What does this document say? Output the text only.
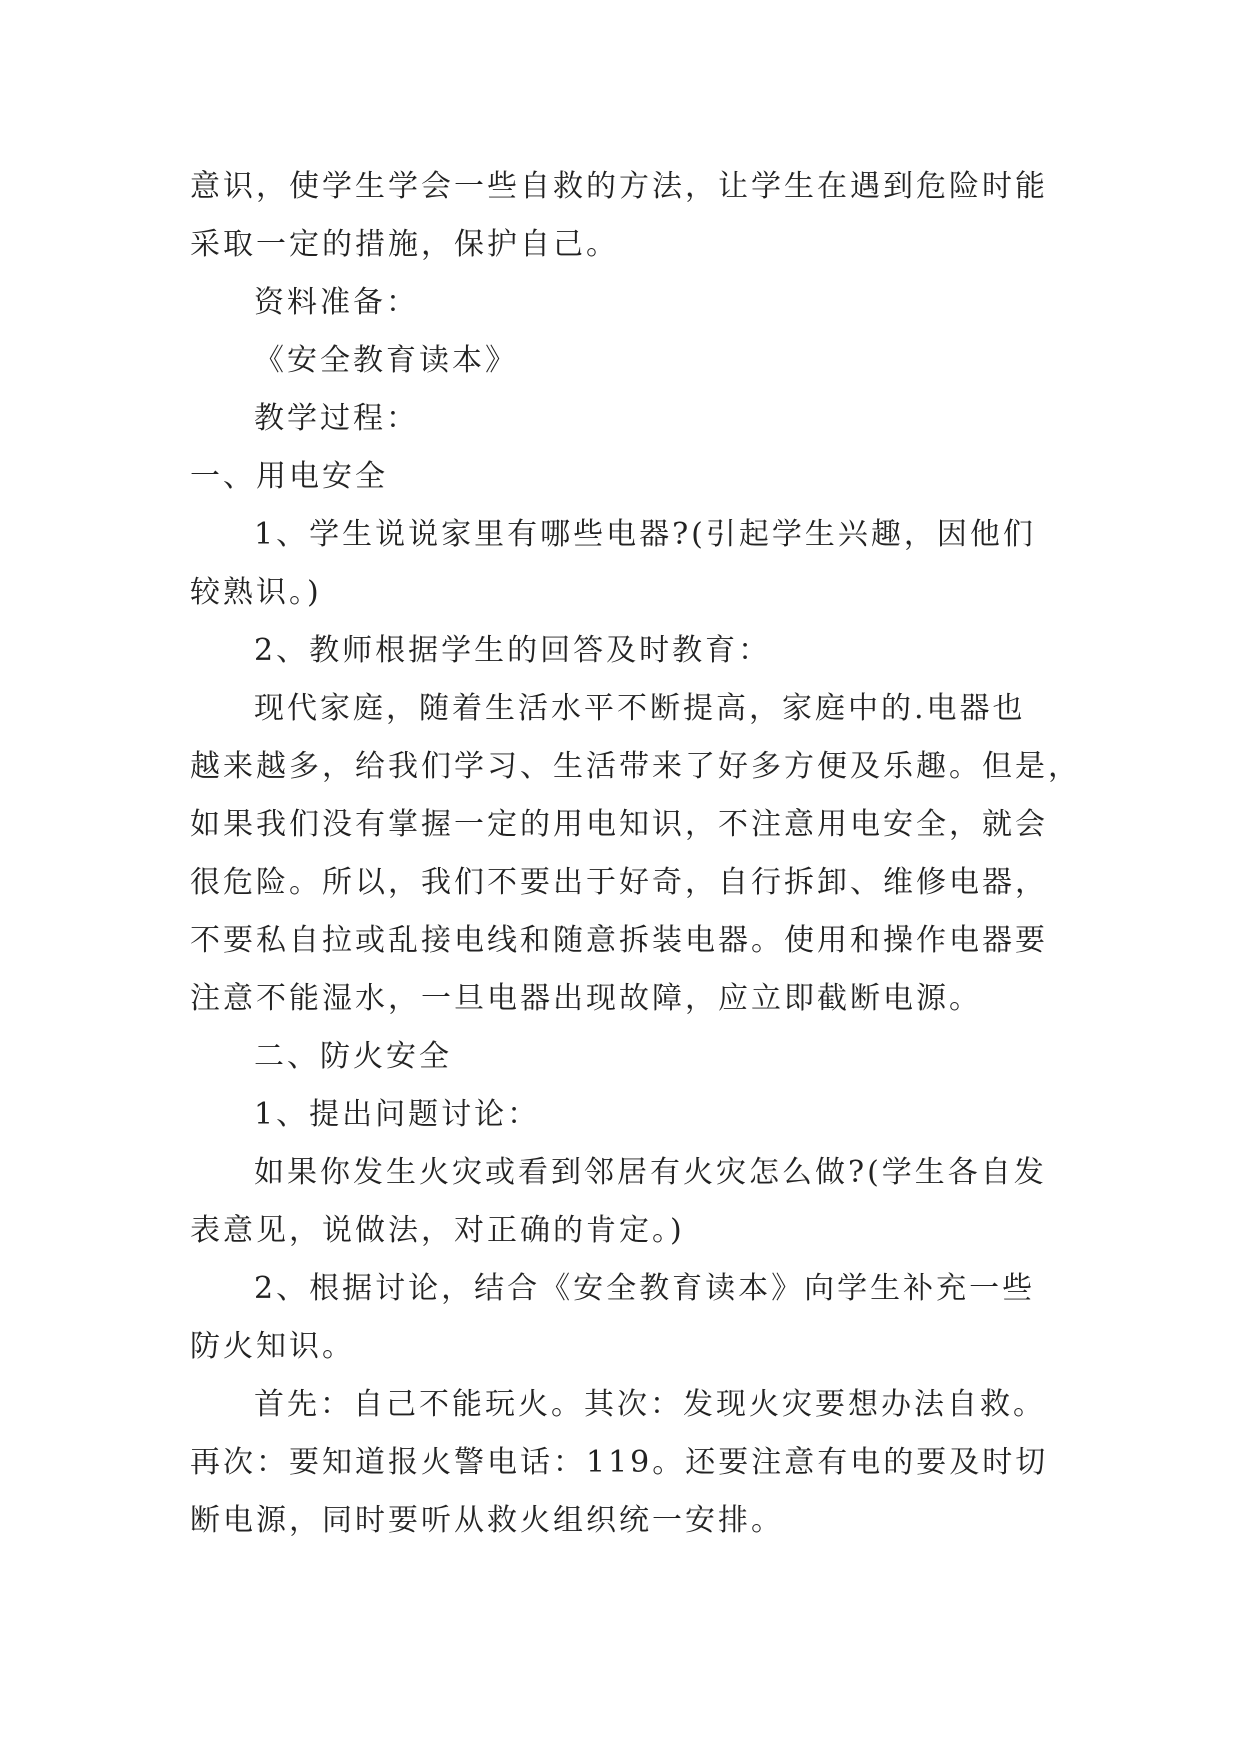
意识，使学生学会一些自救的方法，让学生在遇到危险时能
采取一定的措施，保护自己。
资料准备：
《安全教育读本》
教学过程：
一、用电安全
1、学生说说家里有哪些电器?(引起学生兴趣，因他们
较熟识。)
2、教师根据学生的回答及时教育：
现代家庭，随着生活水平不断提高，家庭中的.电器也
越来越多，给我们学习、生活带来了好多方便及乐趣。但是，
如果我们没有掌握一定的用电知识，不注意用电安全，就会
很危险。所以，我们不要出于好奇，自行拆卸、维修电器，
不要私自拉或乱接电线和随意拆装电器。使用和操作电器要
注意不能湿水，一旦电器出现故障，应立即截断电源。
二、防火安全
1、提出问题讨论：
如果你发生火灾或看到邻居有火灾怎么做?(学生各自发
表意见，说做法，对正确的肯定。)
2、根据讨论，结合《安全教育读本》向学生补充一些
防火知识。
首先：自己不能玩火。其次：发现火灾要想办法自救。
再次：要知道报火警电话：119。还要注意有电的要及时切
断电源，同时要听从救火组织统一安排。
